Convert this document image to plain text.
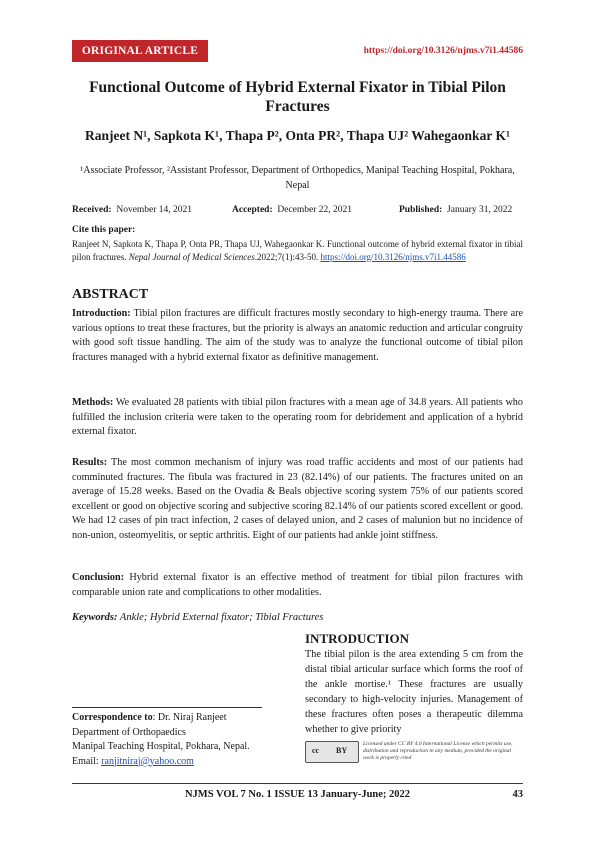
ORIGINAL ARTICLE	https://doi.org/10.3126/njms.v7i1.44586
Functional Outcome of Hybrid External Fixator in Tibial Pilon Fractures
Ranjeet N¹, Sapkota K¹, Thapa P², Onta PR², Thapa UJ² Wahegaonkar K¹
¹Associate Professor, ²Assistant Professor, Department of Orthopedics, Manipal Teaching Hospital, Pokhara, Nepal
Received: November 14, 2021	Accepted: December 22, 2021	Published: January 31, 2022
Cite this paper:
Ranjeet N, Sapkota K, Thapa P, Onta PR, Thapa UJ, Wahegaonkar K. Functional outcome of hybrid external fixator in tibial pilon fractures. Nepal Journal of Medical Sciences.2022;7(1):43-50. https://doi.org/10.3126/njms.v7i1.44586
ABSTRACT
Introduction: Tibial pilon fractures are difficult fractures mostly secondary to high-energy trauma. There are various options to treat these fractures, but the priority is always an anatomic reduction and articular congruity with good soft tissue handling. The aim of the study was to analyze the functional outcome of tibial pilon fractures managed with a hybrid external fixator as definitive management.
Methods: We evaluated 28 patients with tibial pilon fractures with a mean age of 34.8 years. All patients who fulfilled the inclusion criteria were taken to the operating room for debridement and application of a hybrid external fixator.
Results: The most common mechanism of injury was road traffic accidents and most of our patients had comminuted fractures. The fibula was fractured in 23 (82.14%) of our patients. The fractures united on an average of 15.28 weeks. Based on the Ovadia & Beals objective scoring system 75% of our patients scored excellent or good on objective scoring and subjective scoring 82.14% of our patients scored excellent or good. We had 12 cases of pin tract infection, 2 cases of delayed union, and 2 cases of malunion but no incidence of non-union, osteomyelitis, or septic arthritis. Eight of our patients had ankle joint stiffness.
Conclusion: Hybrid external fixator is an effective method of treatment for tibial pilon fractures with comparable union rate and complications to other modalities.
Keywords: Ankle; Hybrid External fixator; Tibial Fractures
INTRODUCTION
The tibial pilon is the area extending 5 cm from the distal tibial articular surface which forms the roof of the ankle mortise.¹ These fractures are usually secondary to high-velocity injuries. Management of these fractures often poses a therapeutic dilemma whether to give priority
Correspondence to: Dr. Niraj Ranjeet
Department of Orthopaedics
Manipal Teaching Hospital, Pokhara, Nepal.
Email: ranjitniraj@yahoo.com
cc BY
Licensed under CC BY 4.0 International License which permits use, distribution and reproduction in any medium, provided the original work is properly cited
NJMS VOL 7 No. 1 ISSUE 13 January-June; 2022	43
